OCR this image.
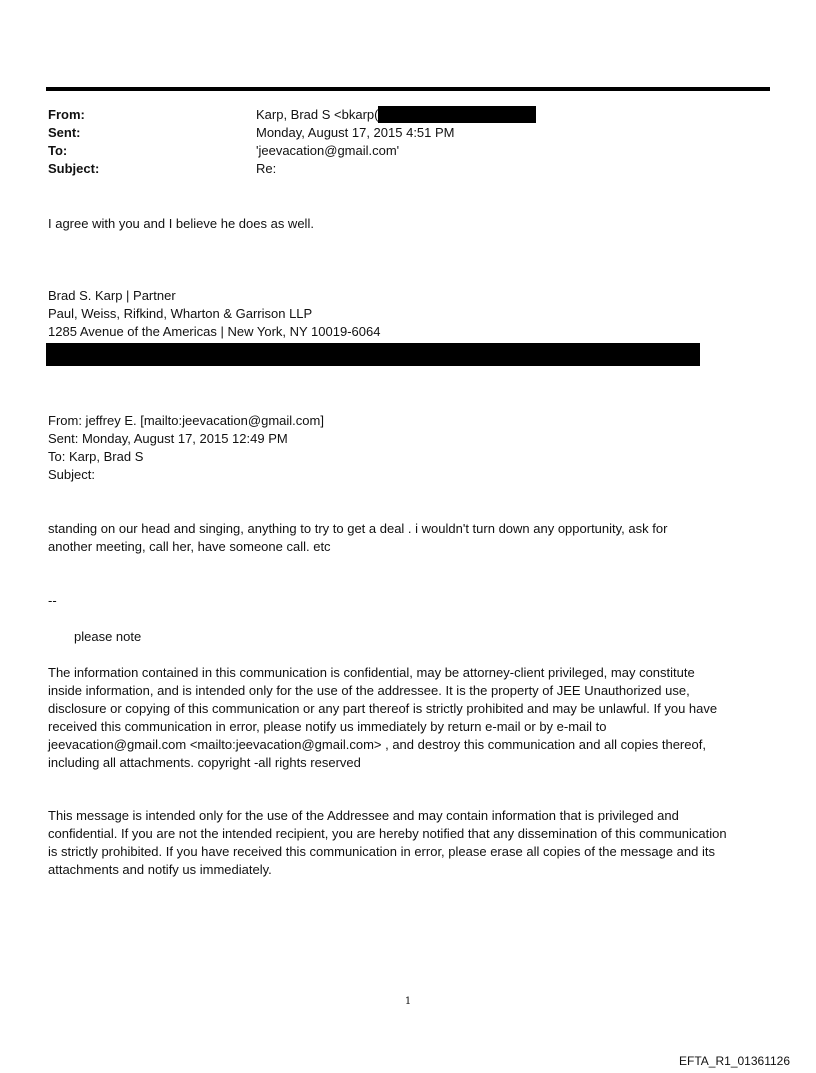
From:	Karp, Brad S <bkarp(
Sent:	Monday, August 17, 2015 4:51 PM
To:	'jeevacation@gmail.com'
Subject:	Re:
I agree with you and I believe he does as well.
Brad S. Karp | Partner
Paul, Weiss, Rifkind, Wharton & Garrison LLP
1285 Avenue of the Americas | New York, NY 10019-6064
From: jeffrey E. [mailto:jeevacation@gmail.com]
Sent: Monday, August 17, 2015 12:49 PM
To: Karp, Brad S
Subject:
standing on our head and singing, anything to try to get a deal . i wouldn't turn down any opportunity, ask for
another meeting, call her, have someone call. etc
--
please note
The information contained in this communication is confidential, may be attorney-client privileged, may constitute
inside information, and is intended only for the use of the addressee. It is the property of JEE Unauthorized use,
disclosure or copying of this communication or any part thereof is strictly prohibited and may be unlawful. If you have
received this communication in error, please notify us immediately by return e-mail or by e-mail to
jeevacation@gmail.com <mailto:jeevacation@gmail.com> , and destroy this communication and all copies thereof,
including all attachments. copyright -all rights reserved
This message is intended only for the use of the Addressee and may contain information that is privileged and
confidential. If you are not the intended recipient, you are hereby notified that any dissemination of this communication
is strictly prohibited. If you have received this communication in error, please erase all copies of the message and its
attachments and notify us immediately.
1
EFTA_R1_01361126
